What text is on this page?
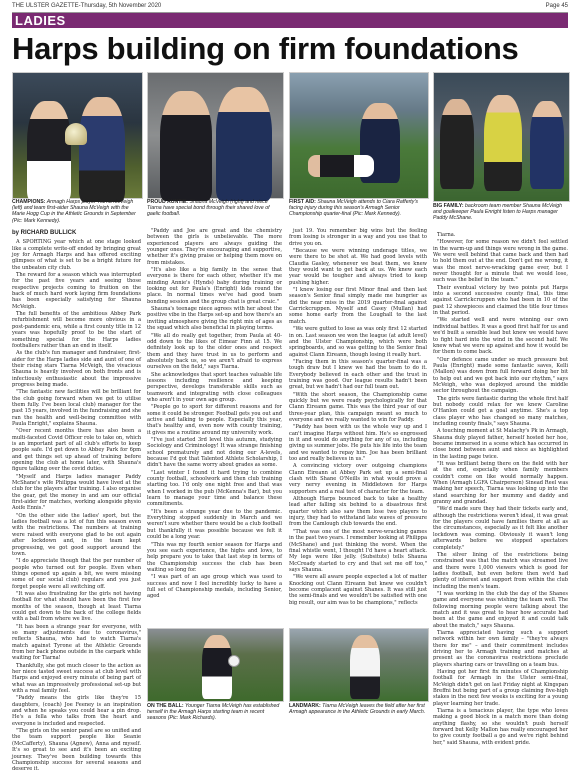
THE ULSTER GAZETTE-Thursday, 5th November 2020	Page 45
LADIES
Harps building on firm foundations
CHAMPIONS: Armagh Harps player Tiarna McVeigh (left) and team first-aider Shauna McVeigh with the Marie Hogg Cup in the Athletic Grounds in September (Pic: Mark Kennedy).
PROUD AUNTIE: Shauna McVeigh (right) and niece Tiarna have special bond through their shared love of gaelic football.
FIRST AID: Shauna McVeigh attends to Ciara Rafferty's facing injury during this season's Armagh Senior Championship quarter-final (Pic: Mark Kennedy).
BIG FAMILY: backroom team member Shauna McVeigh and goalkeeper Paula Enright listen to Harps manager Paddy McShane.
by RICHARD BULLICK

A SPORTING year which at one stage looked like a complete write-off ended by bringing great joy for Armagh Harps and has offered exciting glimpses of what is set to be a bright future for the unbeaten city club.

The reward for a season which was interrupted for the past five years and seeing those respective projects coming to fruition on the back of much hard work laying firm foundations has been especially satisfying for Shauna McVeigh.

The full benefits of the ambitious Abbey Park refurbishment will become more obvious in a post-pandemic era, while a first county title in 12 years was hopefully proof to be the start of something special for the Harps ladies footballers rather than an end in itself.

As the club's fun manager and fundraiser, first-aider for the Harps ladies side and aunt of one of their rising stars Tiarna McVeigh, the vivacious Shauna is heavily involved on both fronts and is infectiously enthusiastic about the impressive progress being made.

"The fantastic new facilities will be brilliant for the club going forward when we get to utilise them fully. I've been local club) manager for the past 15 years, involved in the fundraising and she ran the health and well-being committee with Paula Enright," explains Shauna.

"Over recent months there has also been a multi-faceted Covid Officer role to take on, which is an important part of all club's efforts to keep people safe. I'd get down to Abbey Park for 6pm and get things set up ahead of training before opening the club at home later, with Shauna's figure talking over the covid duties.

"Myself and Harps ladies manager Paddy McShane's wife Philippa would have lived at the club for the players after training. I also organise the gear, get the money in and am our official first-aider for matches, working alongside physio Aoife Ennis."

"On the other side the ladies' sport, but the ladies football was a lot of fun this season even with the restrictions. The numbers at training were raised with everyone glad to be out again after lockdown and, in the team kept progressing, we got good support around the town.

"I do appreciate though that the per number of people who turned out for people. Even when things opened up again a bit, we were missing some of our social club) regulars and you just forget people were all switching off.

"It was also frustrating for the girls not having football for what should have been the first few months of the season, though at least Tiarna could get down to the back of the college fields with a ball from where we live.

"It has been a strange year for everyone, with so many adjustments due to coronavirus," reflects Shauna, who had to watch Tiarna's match against Tyrone at the Athletic Grounds from her back phone outside in the carpark while waiting for Tiarna!

Thankfully, she got much closer to the action as her niece tasted sweet success at club level with Harps and enjoyed every minute of being part of what was an impressively professional set-up but with a real family feel.

"Paddy means the girls like they're 15 daughters, (coach) Joe Feeney is an inspiration and when he speaks you could hear a pin drop. He's a fella who talks from the heart and everyone is included and respected.

"The girls on the senior panel are so unified and the team support people like Seanie (McCafferty), Shauna (Agnew), Anna and myself. It's so great to see and it's been an exciting journey. They've been building towards this Championship success for several seasons and deserve it.

"Paddy and Joe are great and the chemistry between the girls is unbelievable. The more experienced players are always guiding the younger ones. They're encouraging and supportive, whether it's giving praise or helping them move on from mistakes.

"It's also like a big family in the sense that everyone is there for each other, whether it's me minding Annie's (Hynds) baby during training or looking out for Paula's (Enright) kids round the place. In normal times we've had good team bonding session and the group chat is great craic."

Shauna's teenage niece agrees with her about the positive vibe in the Harps set-up and how there's an inviting atmosphere giving the right mix of ages as the squad which also beneficial in playing terms.

"We all do really get together, from Paula at 40-odd down to the likes of Eimear Finn at 15. We definitely look up to the older ones and respect them and they have trust in us to perform and absolutely back us, so we aren't afraid to express ourselves on the field," says Tiarna.

She acknowledges that sport teaches valuable life lessons including resilience and keeping perspective, develops transferable skills such as teamwork and integrating with close colleagues who aren't in your own age group.

"People go to sport for different reasons and for some it could be stronger. Football gets you out and active and talking to people. Especially this year, that's healthy and, even now with county training, it gives me a routine around my university work.

"I've just started 3rd level this autumn, studying Sociology and Criminology! It was strange finishing school prematurely and not doing our A-levels, because I'd got that Talented Athlete Scholarship, I didn't have the same worry about grades as some.

"Last winter I found it hard trying to combine county football, schoolwork and then club training starting too. I'd only one night free and that was when I worked in the pub (McKenna's Bar), but you learn to manage your time and balance these commitments.

"It's been a strange year due to the pandemic. Everything stopped suddenly in March and we weren't sure whether there would be a club football but thankfully it was possible because we felt it could be a long year.

"This was my fourth senior season for Harps and you see each experience, the highs and lows, to help prepare you to take that last step in terms of the Championship success the club has been waiting so long for.

"I was part of an age group which was used to success and now I feel incredibly lucky to have a full set of Championship medals, including Senior, aged

just 19. You remember big wins but the feeling from losing is stronger in a way and you use that to drive you on.

"Because we were winning underage titles, we were there to be shot at. We had good levels with Claudia Gasley, whenever we beat them, we knew they would want to get back at us. We knew each year would be tougher and always tried to keep pushing higher.

"I knew losing our first Minor final and then last season's Senior final simply made me hungrier as did the near miss in the 2019 quarter-final against Carrickcruppen. Myself and Casey (Mullan) had some home early from the Loughall to the last match.

"We were gutted to lose as was only first 12 started in on. Last season we won the league (at adult level) and the Ulster Championship, which were both springboards, and so was getting to the Senior final against Clann Eireann, though losing it really hurt.

"Facing them in this season's quarter-final was a tough draw but I knew we had the team to do it. Everybody believed in each other and the trust in training was good. Our league results hadn't been great, but we hadn't had our full team out.

"With the short season, the Championship came quickly but we were ready psychologically for that Clann Eireann game. This was the third year of our three-year plan, this campaign meant so much to everyone and we really wanted to win for Paddy.

"Paddy has been with us the whole way up and I can't imagine Harps without him. He's so engrossed in it and would do anything for any of us, including giving us summer jobs. He puts his life into the team and we wanted to repay him. Joe has been brilliant too and really believes in us."

A convincing victory over outgoing champions Clann Eireann at Abbey Park set up a semi-final clash with Shane O'Neills in what would prove a very nervy evening in Middletown for Harps supporters and a real test of character for the team.

Although Harps bounced back to take a healthy lead after falling six behind to a disastrous first quarter which also saw them lose two players to injury, they had to withstand late waves of pressure from the Camlough club towards the end.

"That was one of the most nerve-wracking games in the past two years. I remember looking at Philippa (McShane) and just thinking the worst. When the final whistle went, I thought I'd have a heart attack. My legs were like jelly. (Subsitute) tells Shauna McCready started to cry and that set me off too," says Shauna.

"We were all aware people expected a lot of matter Knocking out Clann Eireann but knew we couldn't become complacent against Shanes. It was still just the semi-finals and we wouldn't be satisfied with one big result, our aim was to be champions," reflects

Tiarna.

"However, for some reason we didn't feel settled in the warm-up and things were wrong in the game. We were well behind that came back and then had to hold them out at the end. Don't get me wrong, it was the most nerve-wracking game ever, but I never thought for a minute that we would lose, such was the belief in the team."

Their eventual victory by two points put Harps into a second successive county final, this time against Carrickcruppen who had been in 10 of the past 12 showpieces and claimed the title four times in that period.

"We started well and were winning our own individual battles. It was a good first half for us and we'd built a sensible lead but knew we would have to fight hard into the wind in the second half. We knew what we were up against and how it would be for them to come back.

"Our defence came under so much pressure but Paula (Enright) made some fantastic saves, Kelli (Mallon) was down from full forward doing her bit to help out and we got back into our rhythm," says McVeigh, who was deployed around the middle sector throughout the campaign.

The girls were fantastic during the whole first half but nobody could relax for we knew Caroline O'Hanlon could get a goal anytime. She's a top class player who has changed so many matches, including county finals," says Shauna.

A touching moment at St Malachy's Pk in Armagh, Shauna duly played father, herself hosted her hoe, became immersed in a scene which has occurred in close bond between aunt and niece as highlighted in the lasting page twice.

"It was brilliant being there on the field with her at the end, especially when family members couldn't come on like would normally happen. When (Armagh LGFA Chairperson) Sinead Reel was making her speech, Tiarna was looking up into the stand searching for her mummy and daddy and granny and grandad.

"We'd made sure they had their tickets early and, although the restrictions weren't ideal, it was great for the players could have families there at all as the circumstances, especially as it felt like another lockdown was coming. Obviously it wasn't long afterwards before we stopped spectators completely."

The silver lining of the restrictions being constrained was that the match was streamed live and there were 1,000 viewers which is good for ladies football, but even before then we'd had plenty of interest and support from within the club including the men's team.

"I was working in the club the day of the Shanes game and everyone was wishing the team well. The following morning people were talking about the match and it was great to hear how accurate had been at the game and enjoyed it and could talk about the match," says Shauna.

Tiarna appreciated having such a support network within her own family – "they're always there for me" – and their commitment includes driving her to Armagh training and matches at present as the coronavirus restrictions preclude players sharing cars or travelling on a team bus.

Having got her first fix minutes of Championship football for Armagh in the Ulster semi-final, McVeigh didn't get on last Friday night at Kingspan Breffni but being part of a group claiming five-high stakes in the next few weeks is exciting for a young player learning her trade.

Tiarna is a tenacious player, the type who loves making a good block in a match more than doing anything flashy, so she wouldn't push herself forward but Kelly Mallon has really encouraged her to give county football a go and we're right behind her," said Shauna, with evident pride.

ON THE BALL: Younger Tiarna McVeigh has established herself in the Armagh Harps starting team in recent seasons (Pic: Mark Richards).
LANDMARK: Tiarna McVeigh leaves the field after her first Armagh appearance in the Athletic Grounds in early March.
